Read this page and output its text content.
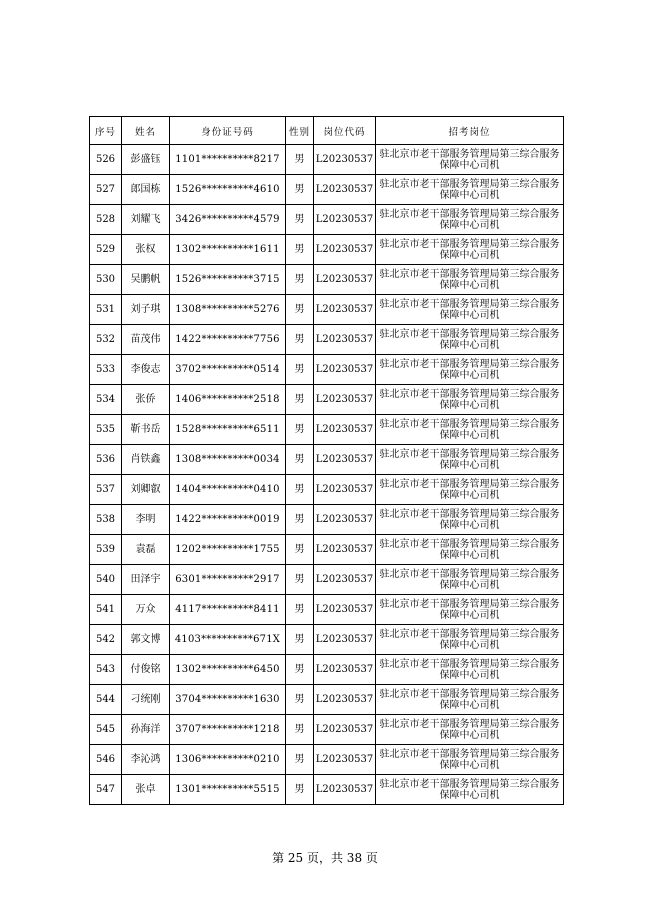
序号	姓名	身份证号码	性别	岗位代码	招考岗位
526	彭盛钰	1101**********8217	男	L20230537	驻北京市老干部服务管理局第三综合服务保障中心司机
527	郎国栋	1526**********4610	男	L20230537	驻北京市老干部服务管理局第三综合服务保障中心司机
528	刘耀飞	3426**********4579	男	L20230537	驻北京市老干部服务管理局第三综合服务保障中心司机
529	张权	1302**********1611	男	L20230537	驻北京市老干部服务管理局第三综合服务保障中心司机
530	吴鹏帆	1526**********3715	男	L20230537	驻北京市老干部服务管理局第三综合服务保障中心司机
531	刘子琪	1308**********5276	男	L20230537	驻北京市老干部服务管理局第三综合服务保障中心司机
532	苗茂伟	1422**********7756	男	L20230537	驻北京市老干部服务管理局第三综合服务保障中心司机
533	李俊志	3702**********0514	男	L20230537	驻北京市老干部服务管理局第三综合服务保障中心司机
534	张侨	1406**********2518	男	L20230537	驻北京市老干部服务管理局第三综合服务保障中心司机
535	靳书岳	1528**********6511	男	L20230537	驻北京市老干部服务管理局第三综合服务保障中心司机
536	肖铁鑫	1308**********0034	男	L20230537	驻北京市老干部服务管理局第三综合服务保障中心司机
537	刘卿叡	1404**********0410	男	L20230537	驻北京市老干部服务管理局第三综合服务保障中心司机
538	李明	1422**********0019	男	L20230537	驻北京市老干部服务管理局第三综合服务保障中心司机
539	袁磊	1202**********1755	男	L20230537	驻北京市老干部服务管理局第三综合服务保障中心司机
540	田泽宇	6301**********2917	男	L20230537	驻北京市老干部服务管理局第三综合服务保障中心司机
541	万众	4117**********8411	男	L20230537	驻北京市老干部服务管理局第三综合服务保障中心司机
542	郭文博	4103**********671X	男	L20230537	驻北京市老干部服务管理局第三综合服务保障中心司机
543	付俊铭	1302**********6450	男	L20230537	驻北京市老干部服务管理局第三综合服务保障中心司机
544	刁统刚	3704**********1630	男	L20230537	驻北京市老干部服务管理局第三综合服务保障中心司机
545	孙海洋	3707**********1218	男	L20230537	驻北京市老干部服务管理局第三综合服务保障中心司机
546	李沁鸿	1306**********0210	男	L20230537	驻北京市老干部服务管理局第三综合服务保障中心司机
547	张卓	1301**********5515	男	L20230537	驻北京市老干部服务管理局第三综合服务保障中心司机
第 25 页，共 38 页
